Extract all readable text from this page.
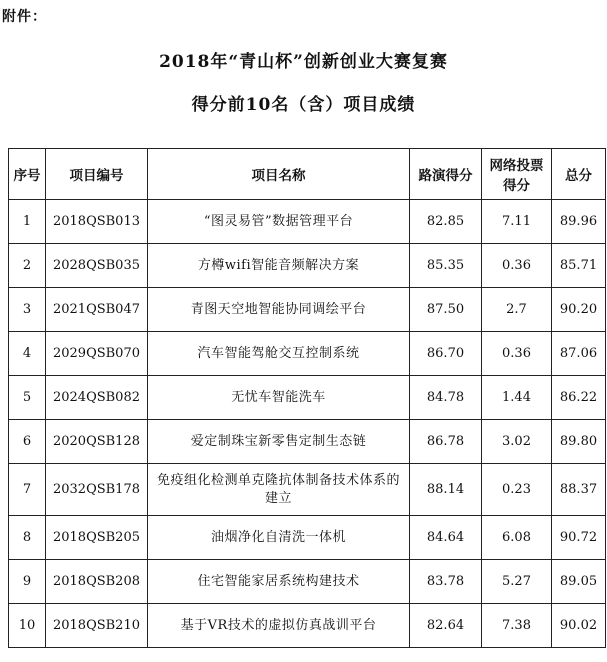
附件：
2018年“青山杯”创新创业大赛复赛
得分前10名（含）项目成绩
序号	项目编号	项目名称	路演得分	网络投票得分	总分
1	2018QSB013	“图灵易管”数据管理平台	82.85	7.11	89.96
2	2028QSB035	方樽wifi智能音频解决方案	85.35	0.36	85.71
3	2021QSB047	青图天空地智能协同调绘平台	87.50	2.7	90.20
4	2029QSB070	汽车智能驾舱交互控制系统	86.70	0.36	87.06
5	2024QSB082	无忧车智能洗车	84.78	1.44	86.22
6	2020QSB128	爱定制珠宝新零售定制生态链	86.78	3.02	89.80
7	2032QSB178	免疫组化检测单克隆抗体制备技术体系的建立	88.14	0.23	88.37
8	2018QSB205	油烟净化自清洗一体机	84.64	6.08	90.72
9	2018QSB208	住宅智能家居系统构建技术	83.78	5.27	89.05
10	2018QSB210	基于VR技术的虚拟仿真战训平台	82.64	7.38	90.02
